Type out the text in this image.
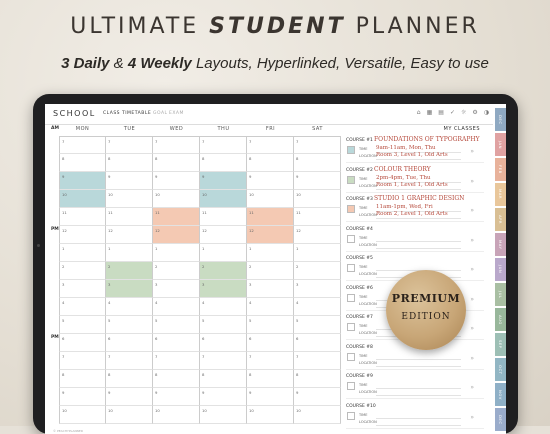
ULTIMATE STUDENT PLANNER
3 Daily & 4 Weekly Layouts, Hyperlinked, Versatile, Easy to use
SCHOOL CLASS TIMETABLE GOAL EXAM	⌂ ▦ ▤ ✓ ☼ ⚙ ◑
MON	TUE	WED	THU	FRI	SAT
AM
PM
PM
7	7	7	7	7	7
8	8	8	8	8	8
9	9	9	9	9	9
10	10	10	10	10	10
11	11	11	11	11	11
12	12	12	12	12	12
1	1	1	1	1	1
2	2	2	2	2	2
3	3	3	3	3	3
4	4	4	4	4	4
5	5	5	5	5	5
6	6	6	6	6	6
7	7	7	7	7	7
8	8	8	8	8	8
9	9	9	9	9	9
10	10	10	10	10	10
MY CLASSES
COURSE #1 FOUNDATIONS OF TYPOGRAPHY
TIME
LOCATION
9am-11am, Mon, Thu
Room 3, Level 1, Old Arts	»
COURSE #2 COLOUR THEORY
TIME
LOCATION
2pm-4pm, Tue, Thu
Room 1, Level 1, Old Arts	»
COURSE #3 STUDIO 1 GRAPHIC DESIGN
TIME
LOCATION
11am-1pm, Wed, Fri
Room 2, Level 1, Old Arts	»
COURSE #4
TIME
LOCATION
»
COURSE #5
TIME
LOCATION
»
COURSE #6
TIME
LOCATION
»
COURSE #7
TIME
LOCATION
»
COURSE #8
TIME
LOCATION
»
COURSE #9
TIME
LOCATION
»
COURSE #10
TIME
LOCATION
»
DEC
JAN
FEB
MAR
APR
MAY
JUN
JUL
AUG
SEP
OCT
NOV
DEC
© PEACHYPLANNER
PREMIUM
EDITION
